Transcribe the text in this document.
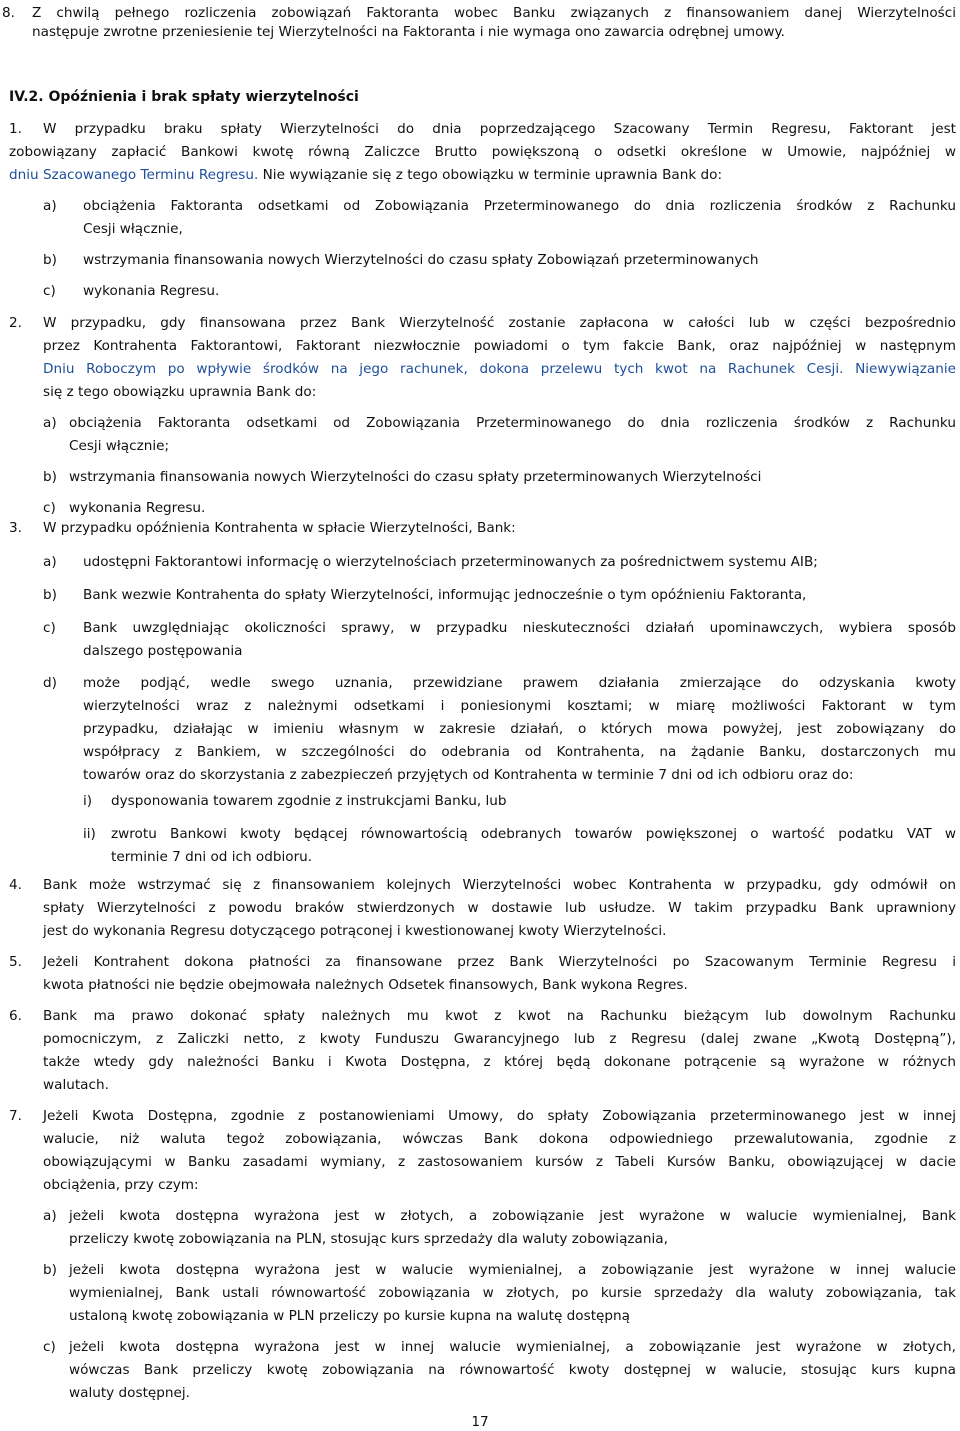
8. Z chwilą pełnego rozliczenia zobowiązań Faktoranta wobec Banku związanych z finansowaniem danej Wierzytelności

następuje zwrotne przeniesienie tej Wierzytelności na Faktoranta i nie wymaga ono zawarcia odrębnej umowy.

IV.2. Opóźnienia i brak spłaty wierzytelności
1. W przypadku braku spłaty Wierzytelności do dnia poprzedzającego Szacowany Termin Regresu, Faktorant jest

zobowiązany zapłacić Bankowi kwotę równą Zaliczce Brutto powiększoną o odsetki określone w Umowie, najpóźniej w

dniu Szacowanego Terminu Regresu. Nie wywiązanie się z tego obowiązku w terminie uprawnia Bank do:

a) obciążenia Faktoranta odsetkami od Zobowiązania Przeterminowanego do dnia rozliczenia środków z Rachunku

Cesji włącznie,

b) wstrzymania finansowania nowych Wierzytelności do czasu spłaty Zobowiązań przeterminowanych

c) wykonania Regresu.

2. W przypadku, gdy finansowana przez Bank Wierzytelność zostanie zapłacona w całości lub w części bezpośrednio

przez Kontrahenta Faktorantowi, Faktorant niezwłocznie powiadomi o tym fakcie Bank, oraz najpóźniej w następnym

Dniu Roboczym po wpływie środków na jego rachunek, dokona przelewu tych kwot na Rachunek Cesji. Niewywiązanie

się z tego obowiązku uprawnia Bank do:

a) obciążenia Faktoranta odsetkami od Zobowiązania Przeterminowanego do dnia rozliczenia środków z Rachunku

Cesji włącznie;

b) wstrzymania finansowania nowych Wierzytelności do czasu spłaty przeterminowanych Wierzytelności

c) wykonania Regresu.

3. W przypadku opóźnienia Kontrahenta w spłacie Wierzytelności, Bank:

a) udostępni Faktorantowi informację o wierzytelnościach przeterminowanych za pośrednictwem systemu AIB;

b) Bank wezwie Kontrahenta do spłaty Wierzytelności, informując jednocześnie o tym opóźnieniu Faktoranta,

c) Bank uwzględniając okoliczności sprawy, w przypadku nieskuteczności działań upominawczych, wybiera sposób

dalszego postępowania

d) może podjąć, wedle swego uznania, przewidziane prawem działania zmierzające do odzyskania kwoty

wierzytelności wraz z należnymi odsetkami i poniesionymi kosztami; w miarę możliwości Faktorant w tym

przypadku, działając w imieniu własnym w zakresie działań, o których mowa powyżej, jest zobowiązany do

współpracy z Bankiem, w szczególności do odebrania od Kontrahenta, na żądanie Banku, dostarczonych mu

towarów oraz do skorzystania z zabezpieczeń przyjętych od Kontrahenta w terminie 7 dni od ich odbioru oraz do:

i) dysponowania towarem zgodnie z instrukcjami Banku, lub

ii) zwrotu Bankowi kwoty będącej równowartością odebranych towarów powiększonej o wartość podatku VAT w

terminie 7 dni od ich odbioru.

4. Bank może wstrzymać się z finansowaniem kolejnych Wierzytelności wobec Kontrahenta w przypadku, gdy odmówił on

spłaty Wierzytelności z powodu braków stwierdzonych w dostawie lub usłudze. W takim przypadku Bank uprawniony

jest do wykonania Regresu dotyczącego potrąconej i kwestionowanej kwoty Wierzytelności.

5. Jeżeli Kontrahent dokona płatności za finansowane przez Bank Wierzytelności po Szacowanym Terminie Regresu i

kwota płatności nie będzie obejmowała należnych Odsetek finansowych, Bank wykona Regres.

6. Bank ma prawo dokonać spłaty należnych mu kwot z kwot na Rachunku bieżącym lub dowolnym Rachunku

pomocniczym, z Zaliczki netto, z kwoty Funduszu Gwarancyjnego lub z Regresu (dalej zwane „Kwotą Dostępną”),

także wtedy gdy należności Banku i Kwota Dostępna, z której będą dokonane potrącenie są wyrażone w różnych

walutach.

7. Jeżeli Kwota Dostępna, zgodnie z postanowieniami Umowy, do spłaty Zobowiązania przeterminowanego jest w innej

walucie, niż waluta tegoż zobowiązania, wówczas Bank dokona odpowiedniego przewalutowania, zgodnie z

obowiązującymi w Banku zasadami wymiany, z zastosowaniem kursów z Tabeli Kursów Banku, obowiązującej w dacie

obciążenia, przy czym:

a) jeżeli kwota dostępna wyrażona jest w złotych, a zobowiązanie jest wyrażone w walucie wymienialnej, Bank

przeliczy kwotę zobowiązania na PLN, stosując kurs sprzedaży dla waluty zobowiązania,

b) jeżeli kwota dostępna wyrażona jest w walucie wymienialnej, a zobowiązanie jest wyrażone w innej walucie

wymienialnej, Bank ustali równowartość zobowiązania w złotych, po kursie sprzedaży dla waluty zobowiązania, tak

ustaloną kwotę zobowiązania w PLN przeliczy po kursie kupna na walutę dostępną

c) jeżeli kwota dostępna wyrażona jest w innej walucie wymienialnej, a zobowiązanie jest wyrażone w złotych,

wówczas Bank przeliczy kwotę zobowiązania na równowartość kwoty dostępnej w walucie, stosując kurs kupna

waluty dostępnej.

17
